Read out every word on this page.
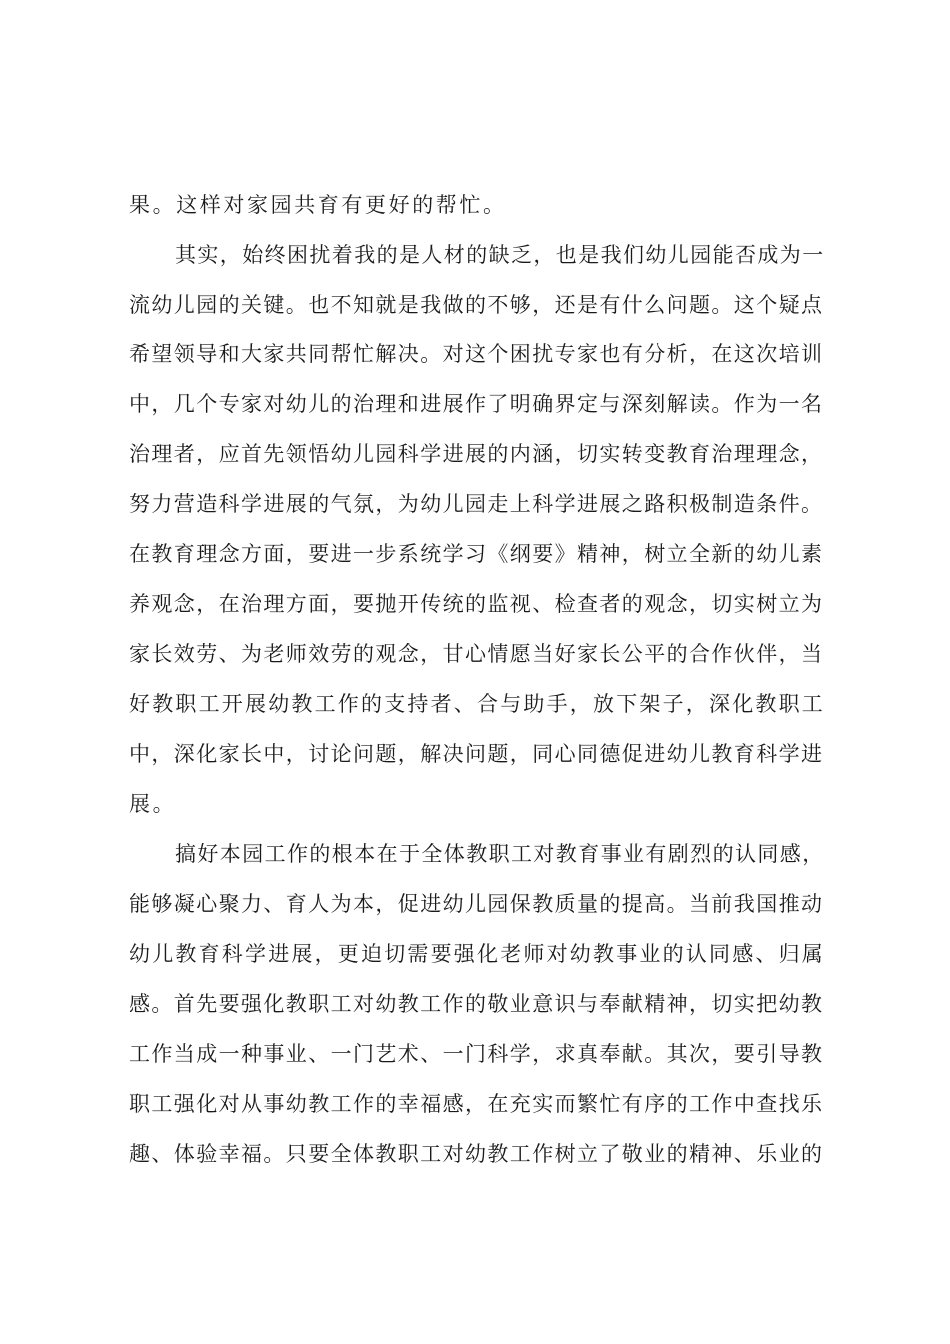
果。这样对家园共育有更好的帮忙。
其实，始终困扰着我的是人材的缺乏，也是我们幼儿园能否成为一
流幼儿园的关键。也不知就是我做的不够，还是有什么问题。这个疑点
希望领导和大家共同帮忙解决。对这个困扰专家也有分析，在这次培训
中，几个专家对幼儿的治理和进展作了明确界定与深刻解读。作为一名
治理者，应首先领悟幼儿园科学进展的内涵，切实转变教育治理理念，
努力营造科学进展的气氛，为幼儿园走上科学进展之路积极制造条件。
在教育理念方面，要进一步系统学习《纲要》精神，树立全新的幼儿素
养观念，在治理方面，要抛开传统的监视、检查者的观念，切实树立为
家长效劳、为老师效劳的观念，甘心情愿当好家长公平的合作伙伴，当
好教职工开展幼教工作的支持者、合与助手，放下架子，深化教职工
中，深化家长中，讨论问题，解决问题，同心同德促进幼儿教育科学进
展。
搞好本园工作的根本在于全体教职工对教育事业有剧烈的认同感，
能够凝心聚力、育人为本，促进幼儿园保教质量的提高。当前我国推动
幼儿教育科学进展，更迫切需要强化老师对幼教事业的认同感、归属
感。首先要强化教职工对幼教工作的敬业意识与奉献精神，切实把幼教
工作当成一种事业、一门艺术、一门科学，求真奉献。其次，要引导教
职工强化对从事幼教工作的幸福感，在充实而繁忙有序的工作中查找乐
趣、体验幸福。只要全体教职工对幼教工作树立了敬业的精神、乐业的
